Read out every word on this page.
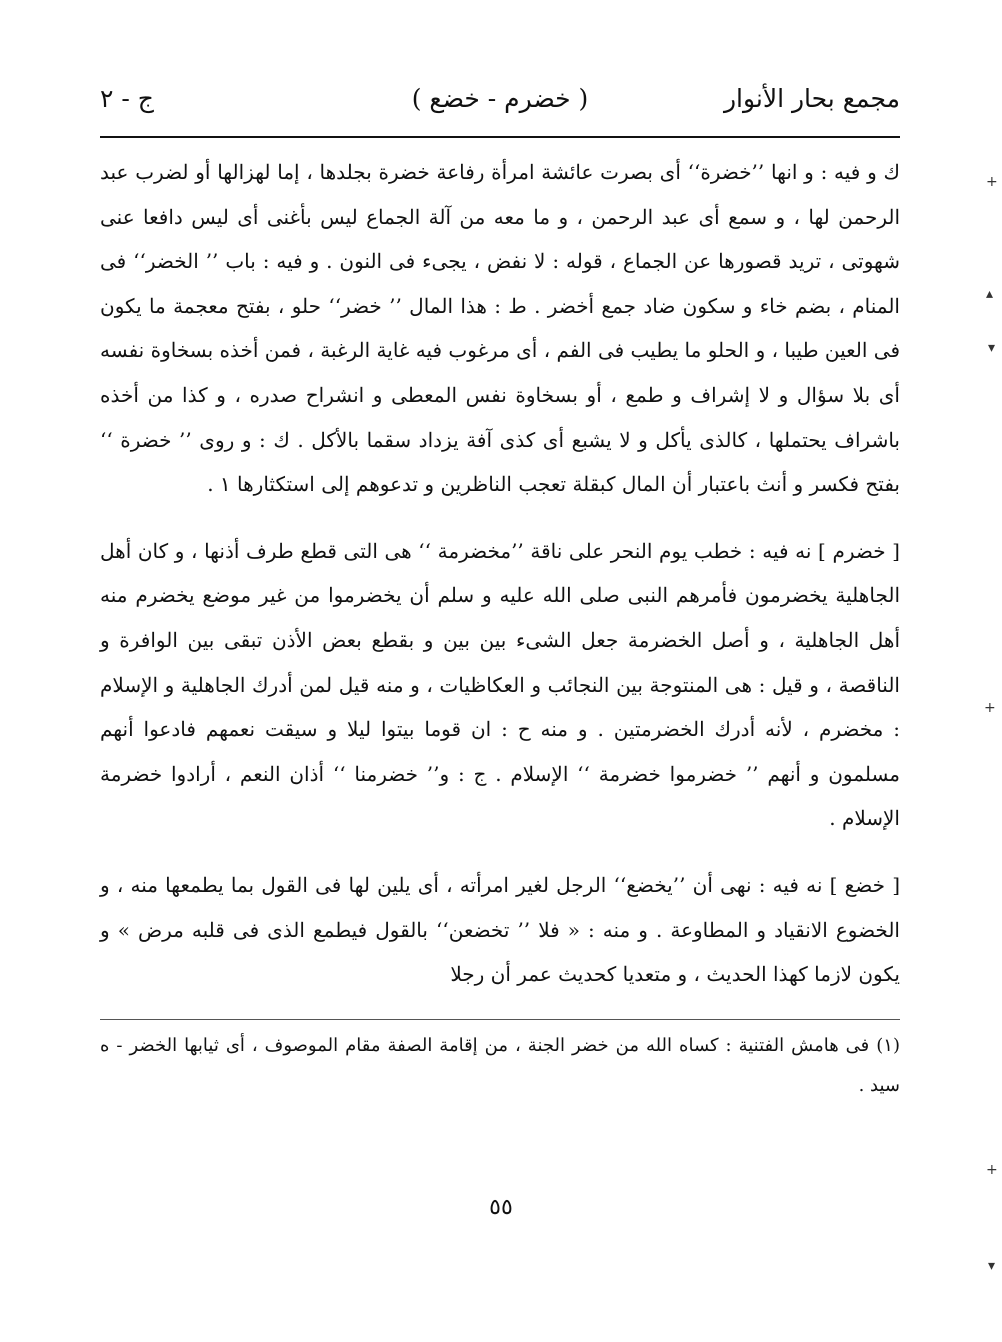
مجمع بحار الأنوار
( خضرم - خضع )
ج - ٢

ك و فيه : و انها ’’خضرة‘‘ أى بصرت عائشة امرأة رفاعة خضرة بجلدها ، إما لهزالها أو لضرب عبد الرحمن لها ، و سمع أى عبد الرحمن ، و ما معه من آلة الجماع ليس بأغنى أى ليس دافعا عنى شهوتى ، تريد قصورها عن الجماع ، قوله : لا نفض ، يجىء فى النون . و فيه : باب ’’ الخضر‘‘ فى المنام ، بضم خاء و سكون ضاد جمع أخضر . ط : هذا المال ’’ خضر‘‘ حلو ، بفتح معجمة ما يكون فى العين طيبا ، و الحلو ما يطيب فى الفم ، أى مرغوب فيه غاية الرغبة ، فمن أخذه بسخاوة نفسه أى بلا سؤال و لا إشراف و طمع ، أو بسخاوة نفس المعطى و انشراح صدره ، و كذا من أخذه باشراف يحتملها ، كالذى يأكل و لا يشبع أى كذى آفة يزداد سقما بالأكل . ك : و روى ’’ خضرة ‘‘ بفتح فكسر و أنث باعتبار أن المال كبقلة تعجب الناظرين و تدعوهم إلى استكثارها ١ .

[ خضرم ] نه فيه : خطب يوم النحر على ناقة ’’مخضرمة ‘‘ هى التى قطع طرف أذنها ، و كان أهل الجاهلية يخضرمون فأمرهم النبى صلى الله عليه و سلم أن يخضرموا من غير موضع يخضرم منه أهل الجاهلية ، و أصل الخضرمة جعل الشىء بين بين و بقطع بعض الأذن تبقى بين الوافرة و الناقصة ، و قيل : هى المنتوجة بين النجائب و العكاظيات ، و منه قيل لمن أدرك الجاهلية و الإسلام : مخضرم ، لأنه أدرك الخضرمتين . و منه ح : ان قوما بيتوا ليلا و سيقت نعمهم فادعوا أنهم مسلمون و أنهم ’’ خضرموا خضرمة ‘‘ الإسلام . ج : و’’ خضرمنا ‘‘ أذان النعم ، أرادوا خضرمة الإسلام .

[ خضع ] نه فيه : نهى أن ’’يخضع‘‘ الرجل لغير امرأته ، أى يلين لها فى القول بما يطمعها منه ، و الخضوع الانقياد و المطاوعة . و منه : « فلا ’’ تخضعن‘‘ بالقول فيطمع الذى فى قلبه مرض » و يكون لازما كهذا الحديث ، و متعديا كحديث عمر أن رجلا

(١) فى هامش الفتنية : كساه الله من خضر الجنة ، من إقامة الصفة مقام الموصوف ، أى ثيابها الخضر - ه سيد .
٥٥
+
▴
▾
+
+
▾
